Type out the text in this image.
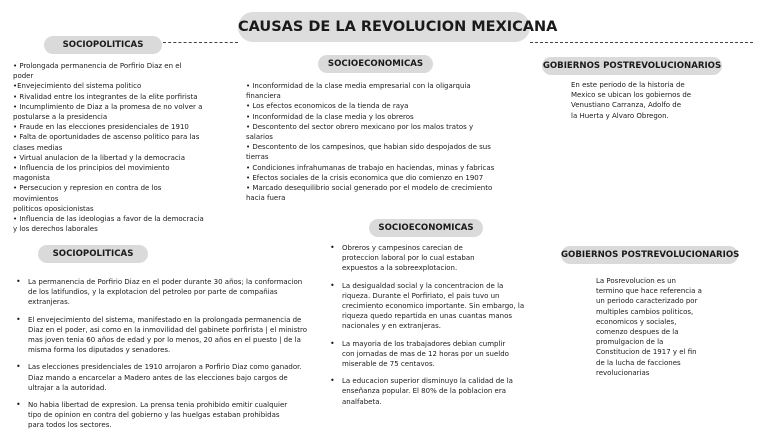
CAUSAS DE LA REVOLUCION MEXICANA
SOCIOPOLITICAS
• Prolongada permanencia de Porfirio Diaz en el
poder
•Envejecimiento del sistema politico
• Rivalidad entre los integrantes de la elite porfirista
• Incumplimiento de Diaz a la promesa de no volver a
postularse a la presidencia
• Fraude en las elecciones presidenciales de 1910
• Falta de oportunidades de ascenso politico para las
clases medias
• Virtual anulacion de la libertad y la democracia
• Influencia de los principios del movimiento
magonista
• Persecucion y represion en contra de los
movimientos
politicos oposicionistas
• Influencia de las ideologias a favor de la democracia
y los derechos laborales
SOCIOECONOMICAS
• Inconformidad de la clase media empresarial con la oligarquia
financiera
• Los efectos economicos de la tienda de raya
• Inconformidad de la clase media y los obreros
• Descontento del sector obrero mexicano por los malos tratos y
salarios
• Descontento de los campesinos, que habian sido despojados de sus
tierras
• Condiciones infrahumanas de trabajo en haciendas, minas y fabricas
• Efectos sociales de la crisis economica que dio comienzo en 1907
• Marcado desequilibrio social generado por el modelo de crecimiento
hacia fuera
GOBIERNOS POSTREVOLUCIONARIOS
En este periodo de la historia de
Mexico se ubican los gobiernos de
Venustiano Carranza, Adolfo de
la Huerta y Alvaro Obregon.
SOCIOPOLITICAS
• La permanencia de Porfirio Diaz en el poder durante 30 años; la conformacion
de los latifundios, y la explotacion del petroleo por parte de compañias
extranjeras.
• El envejecimiento del sistema, manifestado en la prolongada permanencia de
Diaz en el poder, asi como en la inmovilidad del gabinete porfirista | el ministro
mas joven tenia 60 años de edad y por lo menos, 20 años en el puesto | de la
misma forma los diputados y senadores.
• Las elecciones presidenciales de 1910 arrojaron a Porfirio Diaz como ganador.
Diaz mando a encarcelar a Madero antes de las elecciones bajo cargos de
ultrajar a la autoridad.
• No habia libertad de expresion. La prensa tenia prohibido emitir cualquier
tipo de opinion en contra del gobierno y las huelgas estaban prohibidas
para todos los sectores.
SOCIOECONOMICAS
• Obreros y campesinos carecian de
proteccion laboral por lo cual estaban
expuestos a la sobreexplotacion.
• La desigualdad social y la concentracion de la
riqueza. Durante el Porfiriato, el pais tuvo un
crecimiento economico importante. Sin embargo, la
riqueza quedo repartida en unas cuantas manos
nacionales y en extranjeras.
• La mayoria de los trabajadores debian cumplir
con jornadas de mas de 12 horas por un sueldo
miserable de 75 centavos.
• La educacion superior disminuyo la calidad de la
enseñanza popular. El 80% de la poblacion era
analfabeta.
GOBIERNOS POSTREVOLUCIONARIOS
La Posrevolucion es un
termino que hace referencia a
un periodo caracterizado por
multiples cambios politicos,
economicos y sociales,
comenzo despues de la
promulgacion de la
Constitucion de 1917 y el fin
de la lucha de facciones
revolucionarias
